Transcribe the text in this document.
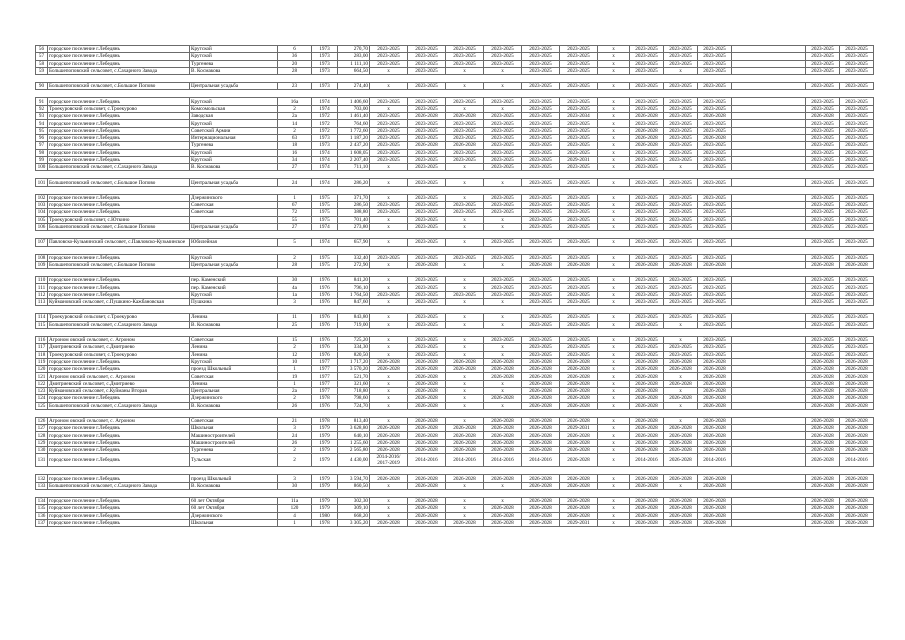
56	городское поселение г.Лебедянь	Крутской	6	1973	270,70	2023-2025	2023-2025	2023-2025	2023-2025	2023-2025	2023-2025	x	2023-2025	2023-2025	2023-2025			2023-2025	2023-2025
57	городское поселение г.Лебедянь	Крутской	36	1973	283,00	2023-2025	2023-2025	2023-2025	2023-2025	2023-2025	2023-2025	x	2023-2025	2023-2025	2023-2025			2023-2025	2023-2025
58	городское поселение г.Лебедянь	Тургенева	20	1973	1 111,10	2023-2025	2023-2025	2023-2025	2023-2025	2023-2025	2023-2025	x	2023-2025	2023-2025	2023-2025			2023-2025	2023-2025
59	Большепоповский сельсовет, с.Сахарного Завода	В. Космакова	28	1973	664,50	x	2023-2025	x	x	2023-2025	2023-2025	x	2023-2025	x	2023-2025			2023-2025	2023-2025

90	Большепоповский сельсовет, с.Большое Попово	Центральная усадьба	23	1973	274,40	x	2023-2025	x	x	2023-2025	2023-2025	x	2023-2025	2023-2025	2023-2025			2023-2025	2023-2025

91	городское поселение г.Лебедянь	Крутской	16а	1974	1 406,60	2023-2025	2023-2025	2023-2025	2023-2025	2023-2025	2023-2025	x	2023-2025	2023-2025	2023-2025			2023-2025	2023-2025
92	Троекуровский сельсовет, с.Троекурово	Комсомольская	2	1974	703,00	x	2023-2025	x	x	2023-2025	2023-2025	x	2023-2025	2023-2025	2023-2025			2023-2025	2023-2025
93	городское поселение г.Лебедянь	Заводская	2а	1972	1 461,40	2023-2025	2026-2028	2026-2028	2023-2025	2023-2025	2023-2034	x	2026-2028	2023-2025	2026-2028			2026-2028	2023-2025
94	городское поселение г.Лебедянь	Крутской	14	1972	764,60	2023-2025	2023-2025	2023-2025	2023-2025	2023-2025	2023-2025	x	2023-2025	2023-2025	2023-2025			2023-2025	2023-2025
95	городское поселение г.Лебедянь	Советской Армии	2	1972	1 772,60	2023-2025	2023-2025	2023-2025	2023-2025	2023-2025	2023-2025	x	2026-2028	2023-2025	2023-2025			2023-2025	2023-2025
96	городское поселение г.Лебедянь	Интернациональная	63	1973	1 187,20	2023-2025	2023-2025	2023-2025	2023-2025	2023-2025	2023-2025	x	2026-2028	2023-2025	2026-2028			2023-2025	2023-2025
97	городское поселение г.Лебедянь	Тургенева	18	1973	2 437,20	2023-2025	2026-2028	2026-2028	2023-2025	2023-2025	2023-2025	x	2026-2028	2023-2025	2023-2025			2023-2025	2023-2025
98	городское поселение г.Лебедянь	Крутской	16	1974	1 608,05	2023-2025	2023-2025	2023-2025	2023-2025	2023-2025	2023-2025	x	2023-2025	2023-2025	2023-2025			2023-2025	2023-2025
99	городское поселение г.Лебедянь	Крутской	34	1974	2 207,40	2023-2025	2023-2025	2023-2025	2023-2025	2023-2025	2029-2031	x	2023-2025	2023-2025	2023-2025			2023-2025	2023-2025
100	Большепоповский сельсовет, с.Сахарного Завода	В. Космакова	27	1974	711,10	x	2023-2025	x	2023-2025	2023-2025	2023-2025	x	2023-2025	x	2023-2025			2023-2025	2023-2025

101	Большепоповский сельсовет, с.Большое Попово	Центральная усадьба	24	1974	286,20	x	2023-2025	x	x	2023-2025	2023-2025	x	2023-2025	2023-2025	2023-2025			2023-2025	2023-2025

102	городское поселение г.Лебедянь	Дзержинского	1	1975	371,70	x	2023-2025	x	2023-2025	2023-2025	2023-2025	x	2023-2025	2023-2025	2023-2025			2023-2025	2023-2025
103	городское поселение г.Лебедянь	Советская	67	1975	286,50	2023-2025	2023-2025	2023-2025	2023-2025	2023-2025	2023-2025	x	2023-2025	2023-2025	2023-2025			2023-2025	2023-2025
104	городское поселение г.Лебедянь	Советская	72	1975	388,80	2023-2025	2023-2025	2023-2025	2023-2025	2023-2025	2023-2025	x	2023-2025	2023-2025	2023-2025			2023-2025	2023-2025
105	Троекуровский сельсовет, с.Юткино		55	1975	701,40	x	2023-2025	x	x	2023-2025	2023-2025	x	2023-2025	2023-2025	2023-2025			2023-2025	2023-2025
106	Большепоповский сельсовет, с.Большое Попово	Центральная усадьба	27	1974	273,80	x	2023-2025	x	x	2023-2025	2023-2025	x	2023-2025	2023-2025	2023-2025			2023-2025	2023-2025

107	Павловско-Кузьминский сельсовет, с.Павловско-Кузьминское	Юбилейная	5	1974	657,90	x	2023-2025	x	2023-2025	2023-2025	2023-2025	x	2023-2025	2023-2025	2023-2025			2023-2025	2023-2025

108	городское поселение г.Лебедянь	Крутской	2	1975	332,40	2023-2025	2023-2025	2023-2025	2023-2025	2023-2025	2023-2025	x	2023-2025	2023-2025	2023-2025			2023-2025	2023-2025
109	Большепоповский сельсовет, с.Большое Попово	Центральная усадьба	28	1975	272,90	x	2026-2028	x	x	2026-2028	2026-2028	x	2026-2028	2026-2028	2026-2028			2026-2028	2026-2028

110	городское поселение г.Лебедянь	пер. Каменский	30	1976	841,20	x	2023-2025	x	2023-2025	2023-2025	2023-2025	x	2023-2025	2023-2025	2023-2025			2023-2025	2023-2025
111	городское поселение г.Лебедянь	пер. Каменский	4а	1976	796,10	x	2023-2025	x	2023-2025	2023-2025	2023-2025	x	2023-2025	2023-2025	2023-2025			2023-2025	2023-2025
112	городское поселение г.Лебедянь	Крутской	1а	1976	1 764,50	2023-2025	2023-2025	2023-2025	2023-2025	2023-2025	2023-2025	x	2023-2025	2023-2025	2023-2025			2023-2025	2023-2025
113	Куймановский сельсовет, с.Пушкино-Кажбановская	Пушкина	3	1976	847,60	x	2023-2025	x	x	2023-2025	2023-2025	x	2023-2025	2023-2025	2023-2025			2023-2025	2023-2025

114	Троекуровский сельсовет, с.Троекурово	Ленина	11	1976	843,80	x	2023-2025	x	x	2023-2025	2023-2025	x	2023-2025	2023-2025	2023-2025			2023-2025	2023-2025
115	Большепоповский сельсовет, с.Сахарного Завода	В. Космакова	25	1976	719,00	x	2023-2025	x	x	2023-2025	2023-2025	x	2023-2025	x	2023-2025			2023-2025	2023-2025

116	Агроном овский сельсовет, с. Агроном	Советская	15	1976	725,20	x	2023-2025	x	2023-2025	2023-2025	2023-2025	x	2023-2025	x	2023-2025			2023-2025	2023-2025
117	Дмитриевский сельсовет, с.Дмитриево	Ленина	2	1976	334,30	x	2023-2025	x	x	2023-2025	2023-2025	x	2023-2025	2023-2025	2023-2025			2023-2025	2023-2025
118	Троекуровский сельсовет, с.Троекурово	Ленина	12	1976	820,50	x	2023-2025	x	x	2023-2025	2023-2025	x	2023-2025	2023-2025	2023-2025			2023-2025	2023-2025
119	городское поселение г.Лебедянь	Крутской	10	1977	1 717,20	2026-2028	2026-2028	2026-2028	2026-2028	2026-2028	2026-2028	x	2026-2028	2026-2028	2026-2028			2026-2028	2026-2028
120	городское поселение г.Лебедянь	проезд Школьный	1	1977	3 570,20	2026-2028	2026-2028	2026-2028	2026-2028	2026-2028	2026-2028	x	2026-2028	2026-2028	2026-2028			2026-2028	2026-2028
121	Агроном овский сельсовет, с. Агроном	Советская	19	1977	521,70	x	2026-2028	x	2026-2028	2026-2028	2026-2028	x	2026-2028	x	2026-2028			2026-2028	2026-2028
122	Дмитриевский сельсовет, с.Дмитриево	Ленина	1	1977	321,60	x	2026-2028	x	x	2026-2028	2026-2028	x	2026-2028	2026-2028	2026-2028			2026-2028	2026-2028
123	Куймановский сельсовет, с.Куйманы Вторая	Центральная	2а	1977	718,80	x	2026-2028	x	x	2026-2028	2026-2028	x	2026-2028	x	2026-2028			2026-2028	2026-2028
124	городское поселение г.Лебедянь	Дзержинского	2	1978	798,60	x	2026-2028	x	2026-2028	2026-2028	2026-2028	x	2026-2028	2026-2028	2026-2028			2026-2028	2026-2028
125	Большепоповский сельсовет, с.Сахарного Завода	В. Космакова	26	1976	724,70	x	2026-2028	x	x	2026-2028	2026-2028	x	2026-2028	x	2026-2028			2026-2028	2026-2028

126	Агроном овский сельсовет, с. Агроном	Советская	21	1978	813,40	x	2026-2028	x	2026-2028	2026-2028	2026-2028	x	2026-2028	x	2026-2028			2026-2028	2026-2028
127	городское поселение г.Лебедянь	Школьная	3	1979	3 628,80	2026-2028	2026-2028	2026-2028	2026-2028	2026-2028	2029-2031	x	2026-2028	2026-2028	2026-2028			2026-2028	2026-2028
128	городское поселение г.Лебедянь	Машиностроителей	24	1979	640,10	2026-2028	2026-2028	2026-2028	2026-2028	2026-2028	2026-2028	x	2026-2028	2026-2028	2026-2028			2026-2028	2026-2028
129	городское поселение г.Лебедянь	Машиностроителей	26	1979	1 255,60	2026-2028	2026-2028	2026-2028	2026-2028	2026-2028	2026-2028	x	2026-2028	2026-2028	2026-2028			2026-2028	2026-2028
130	городское поселение г.Лебедянь	Тургенева	2	1979	2 565,80	2026-2028	2026-2028	2026-2028	2026-2028	2026-2028	2026-2028	x	2026-2028	2026-2028	2026-2028			2026-2028	2026-2028
131	городское поселение г.Лебедянь	Тульская	2	1979	4 430,00	2014-2016/ 2017-2019	2014-2016	2014-2016	2014-2016	2014-2016	2026-2028	x	2014-2016	2026-2028	2014-2016			2026-2028	2014-2016

132	городское поселение г.Лебедянь	проезд Школьный	3	1979	3 594,70	2026-2028	2026-2028	2026-2028	2026-2028	2026-2028	2026-2028	x	2026-2028	2026-2028	2026-2028			2026-2028	2026-2028
133	Большепоповский сельсовет, с.Сахарного Завода	В. Космакова	30	1979	860,50	x	2026-2028	x	x	2026-2028	2026-2028	x	2026-2028	x	2026-2028			2026-2028	2026-2028

134	городское поселение г.Лебедянь	60 лет Октября	11а	1979	302,30	x	2026-2028	x	x	2026-2028	2026-2028	x	2026-2028	2026-2028	2026-2028			2026-2028	2026-2028
135	городское поселение г.Лебедянь	60 лет Октября	120	1979	309,10	x	2026-2028	x	2026-2028	2026-2028	2026-2028	x	2026-2028	2026-2028	2026-2028			2026-2028	2026-2028
136	городское поселение г.Лебедянь	Дзержинского	4	1980	668,20	x	2026-2028	x	2026-2028	2026-2028	2026-2028	x	2026-2028	2026-2028	2026-2028			2026-2028	2026-2028
137	городское поселение г.Лебедянь	Школьная	1	1978	3 305,20	2026-2028	2026-2028	2026-2028	2026-2028	2026-2028	2029-2031	x	2026-2028	2026-2028	2026-2028			2026-2028	2026-2028
